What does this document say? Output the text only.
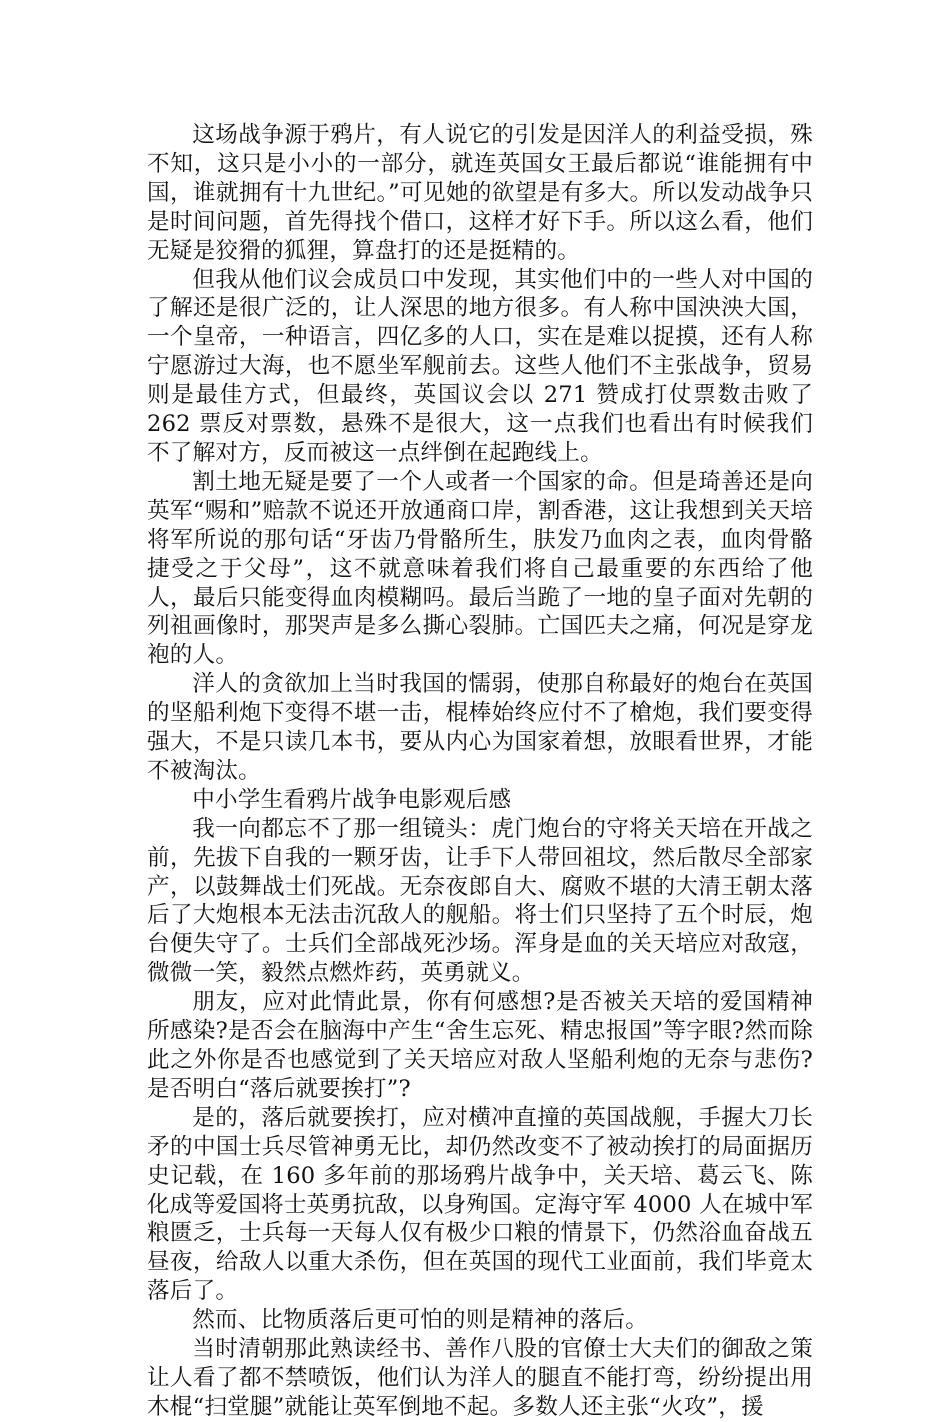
这场战争源于鸦片，有人说它的引发是因洋人的利益受损，殊不知，这只是小小的一部分，就连英国女王最后都说“谁能拥有中国，谁就拥有十九世纪。”可见她的欲望是有多大。所以发动战争只是时间问题，首先得找个借口，这样才好下手。所以这么看，他们无疑是狡猾的狐狸，算盘打的还是挺精的。

但我从他们议会成员口中发现，其实他们中的一些人对中国的了解还是很广泛的，让人深思的地方很多。有人称中国泱泱大国，一个皇帝，一种语言，四亿多的人口，实在是难以捉摸，还有人称宁愿游过大海，也不愿坐军舰前去。这些人他们不主张战争，贸易则是最佳方式，但最终，英国议会以 271 赞成打仗票数击败了 262 票反对票数，悬殊不是很大，这一点我们也看出有时候我们不了解对方，反而被这一点绊倒在起跑线上。

割土地无疑是要了一个人或者一个国家的命。但是琦善还是向英军“赐和”赔款不说还开放通商口岸，割香港，这让我想到关天培将军所说的那句话“牙齿乃骨骼所生，肤发乃血肉之表，血肉骨骼捷受之于父母”，这不就意味着我们将自己最重要的东西给了他人，最后只能变得血肉模糊吗。最后当跪了一地的皇子面对先朝的列祖画像时，那哭声是多么撕心裂肺。亡国匹夫之痛，何况是穿龙袍的人。

洋人的贪欲加上当时我国的懦弱，使那自称最好的炮台在英国的坚船利炮下变得不堪一击，棍棒始终应付不了槍炮，我们要变得强大，不是只读几本书，要从内心为国家着想，放眼看世界，才能不被淘汰。

中小学生看鸦片战争电影观后感

我一向都忘不了那一组镜头：虎门炮台的守将关天培在开战之前，先拔下自我的一颗牙齿，让手下人带回祖坟，然后散尽全部家产，以鼓舞战士们死战。无奈夜郎自大、腐败不堪的大清王朝太落后了大炮根本无法击沉敌人的舰船。将士们只坚持了五个时辰，炮台便失守了。士兵们全部战死沙场。浑身是血的关天培应对敌寇，微微一笑，毅然点燃炸药，英勇就义。

朋友，应对此情此景，你有何感想?是否被关天培的爱国精神所感染?是否会在脑海中产生“舍生忘死、精忠报国”等字眼?然而除此之外你是否也感觉到了关天培应对敌人坚船利炮的无奈与悲伤?是否明白“落后就要挨打”?

是的，落后就要挨打，应对横冲直撞的英国战舰，手握大刀长矛的中国士兵尽管神勇无比，却仍然改变不了被动挨打的局面据历史记载，在 160 多年前的那场鸦片战争中，关天培、葛云飞、陈化成等爱国将士英勇抗敌，以身殉国。定海守军 4000 人在城中军粮匮乏，士兵每一天每人仅有极少口粮的情景下，仍然浴血奋战五昼夜，给敌人以重大杀伤，但在英国的现代工业面前，我们毕竟太落后了。

然而、比物质落后更可怕的则是精神的落后。

当时清朝那此熟读经书、善作八股的官僚士大夫们的御敌之策让人看了都不禁喷饭，他们认为洋人的腿直不能打弯，纷纷提出用木棍“扫堂腿”就能让英军倒地不起。多数人还主张“火攻”，援
